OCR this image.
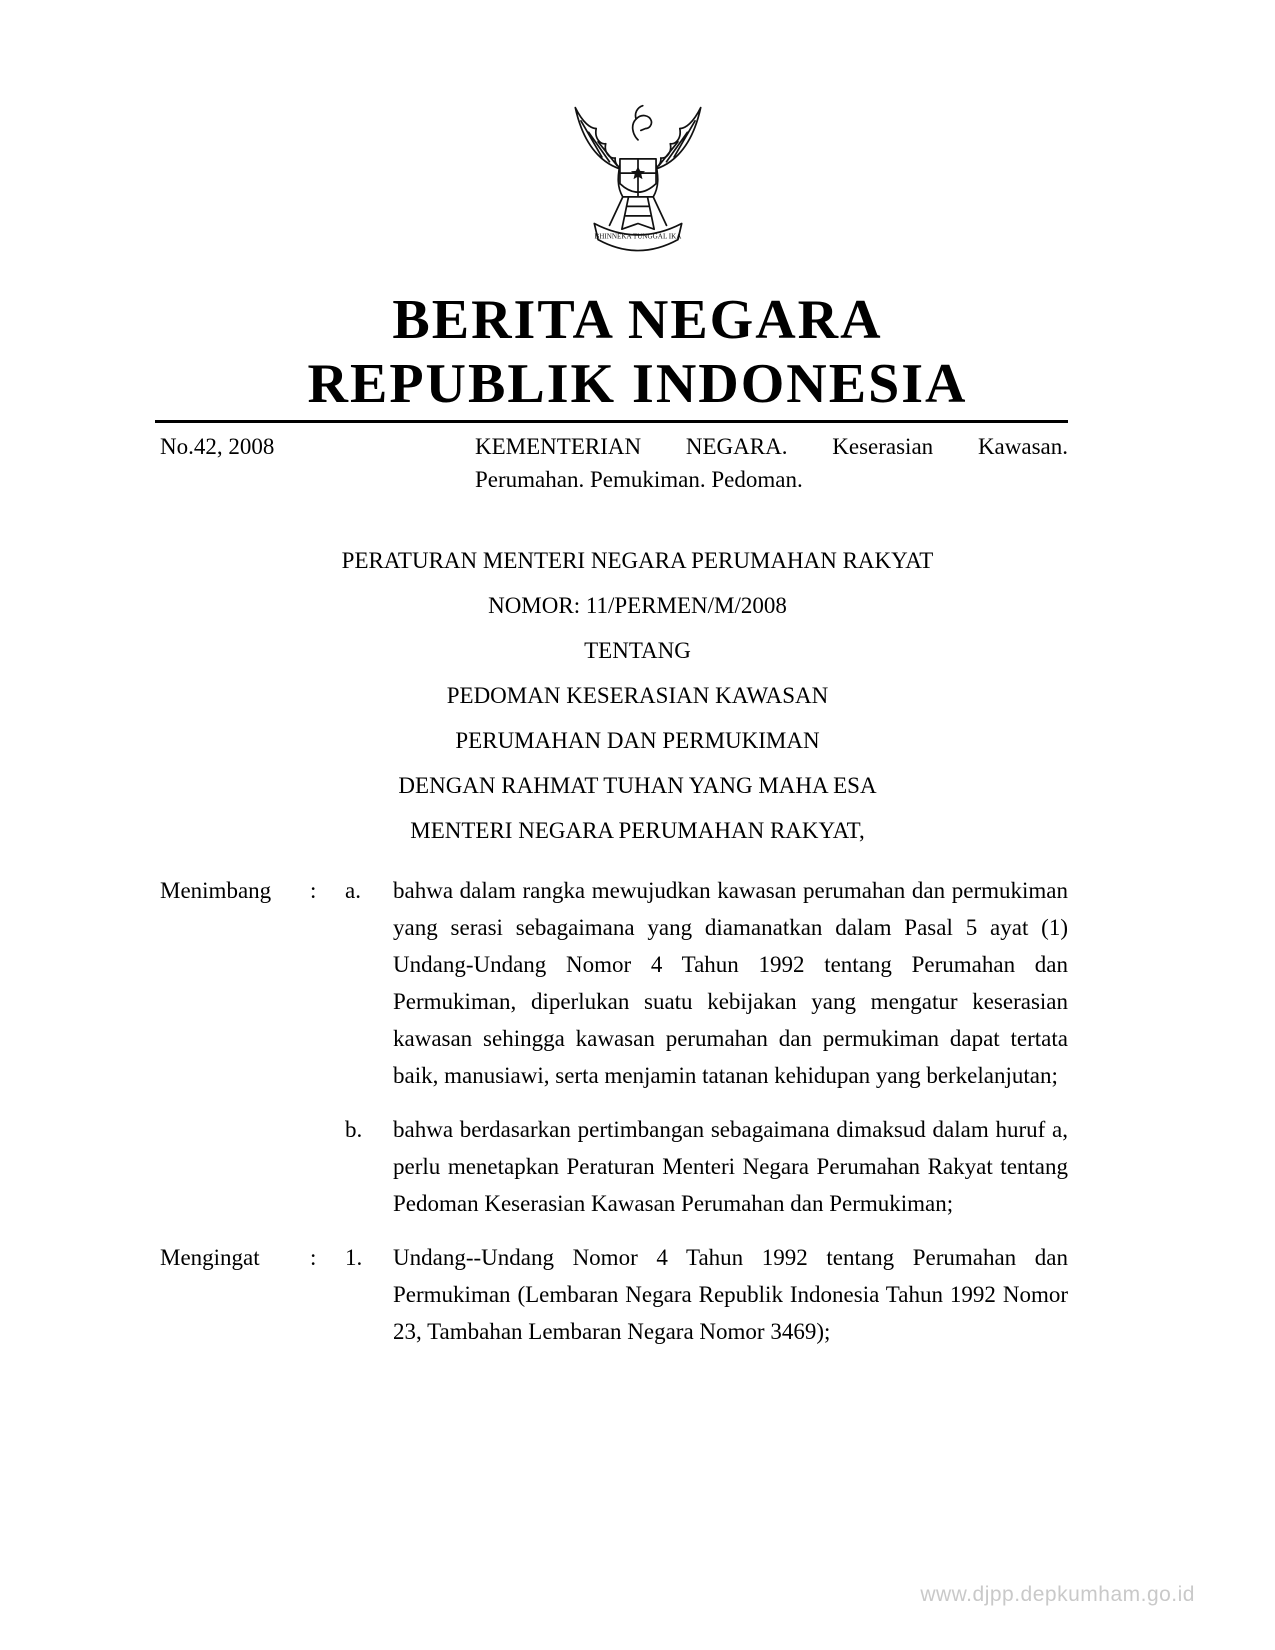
BHINNEKA TUNGGAL IKA
BERITA NEGARA
REPUBLIK INDONESIA
No.42, 2008	KEMENTERIAN NEGARA. Keserasian Kawasan.
Perumahan. Pemukiman. Pedoman.
PERATURAN MENTERI NEGARA PERUMAHAN RAKYAT
NOMOR: 11/PERMEN/M/2008
TENTANG
PEDOMAN KESERASIAN KAWASAN
PERUMAHAN DAN PERMUKIMAN
DENGAN RAHMAT TUHAN YANG MAHA ESA
MENTERI NEGARA PERUMAHAN RAKYAT,
Menimbang	:	a.	bahwa dalam rangka mewujudkan kawasan perumahan dan permukiman yang serasi sebagaimana yang diamanatkan dalam Pasal 5 ayat (1) Undang-Undang Nomor 4 Tahun 1992 tentang Perumahan dan Permukiman, diperlukan suatu kebijakan yang mengatur keserasian kawasan sehingga kawasan perumahan dan permukiman dapat tertata baik, manusiawi, serta menjamin tatanan kehidupan yang berkelanjutan;
b.	bahwa berdasarkan pertimbangan sebagaimana dimaksud dalam huruf a, perlu menetapkan Peraturan Menteri Negara Perumahan Rakyat tentang Pedoman Keserasian Kawasan Perumahan dan Permukiman;
Mengingat	:	1.	Undang--Undang Nomor 4 Tahun 1992 tentang Perumahan dan Permukiman (Lembaran Negara Republik Indonesia Tahun 1992 Nomor 23, Tambahan Lembaran Negara Nomor 3469);
www.djpp.depkumham.go.id
